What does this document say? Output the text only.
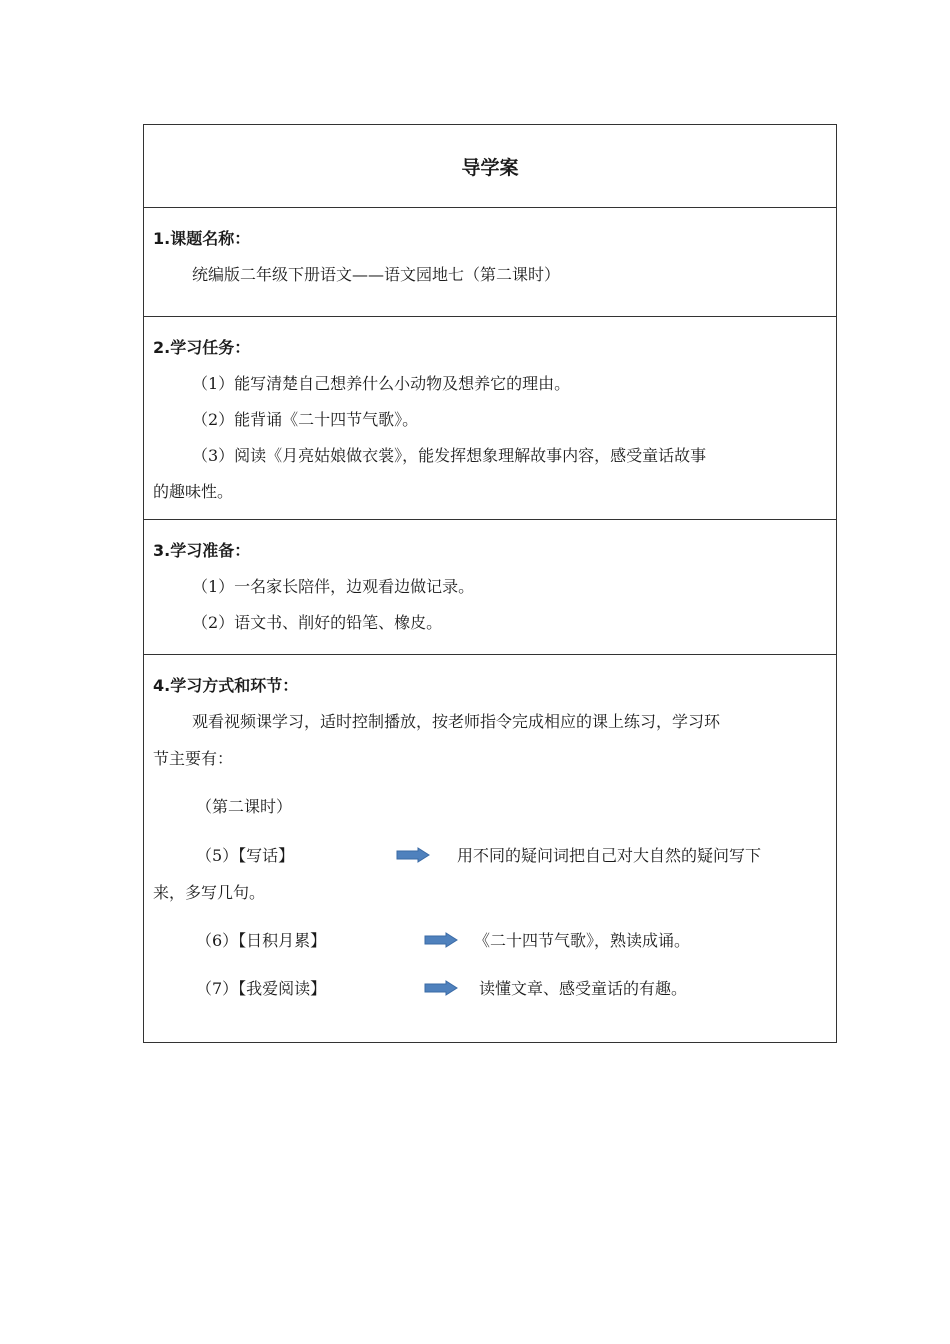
导学案
1.课题名称：
统编版二年级下册语文——语文园地七（第二课时）
2.学习任务：
（1）能写清楚自己想养什么小动物及想养它的理由。
（2）能背诵《二十四节气歌》。
（3）阅读《月亮姑娘做衣裳》，能发挥想象理解故事内容，感受童话故事
的趣味性。
3.学习准备：
（1）一名家长陪伴，边观看边做记录。
（2）语文书、削好的铅笔、橡皮。
4.学习方式和环节：
观看视频课学习，适时控制播放，按老师指令完成相应的课上练习，学习环
节主要有：
（第二课时）
（5）【写话】	用不同的疑问词把自己对大自然的疑问写下
来，多写几句。
（6）【日积月累】	《二十四节气歌》，熟读成诵。
（7）【我爱阅读】	读懂文章、感受童话的有趣。
